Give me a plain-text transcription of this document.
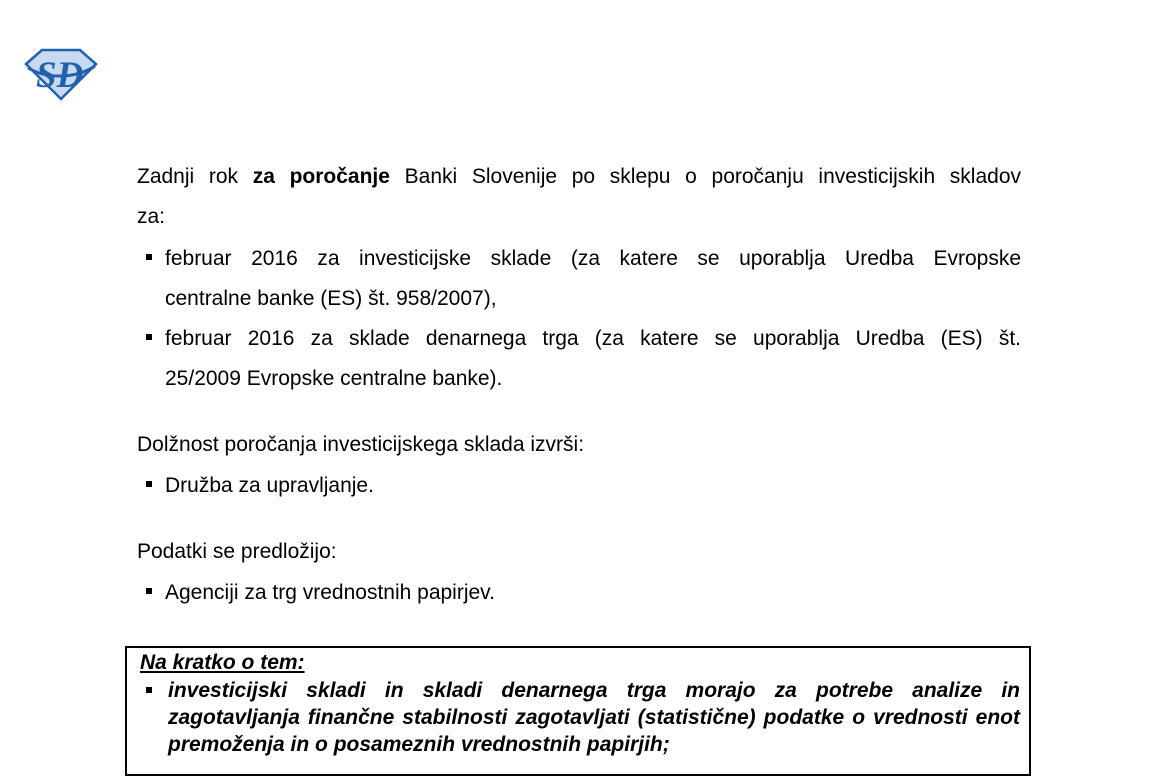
SD
Zadnji rok za poročanje Banki Slovenije po sklepu o poročanju investicijskih skladov
za:
februar 2016 za investicijske sklade (za katere se uporablja Uredba Evropske
centralne banke (ES) št. 958/2007),
februar 2016 za sklade denarnega trga (za katere se uporablja Uredba (ES) št.
25/2009 Evropske centralne banke).
Dolžnost poročanja investicijskega sklada izvrši:
Družba za upravljanje.
Podatki se predložijo:
Agenciji za trg vrednostnih papirjev.
Na kratko o tem:
investicijski skladi in skladi denarnega trga morajo za potrebe analize in
zagotavljanja finančne stabilnosti zagotavljati (statistične) podatke o vrednosti enot
premoženja in o posameznih vrednostnih papirjih;
